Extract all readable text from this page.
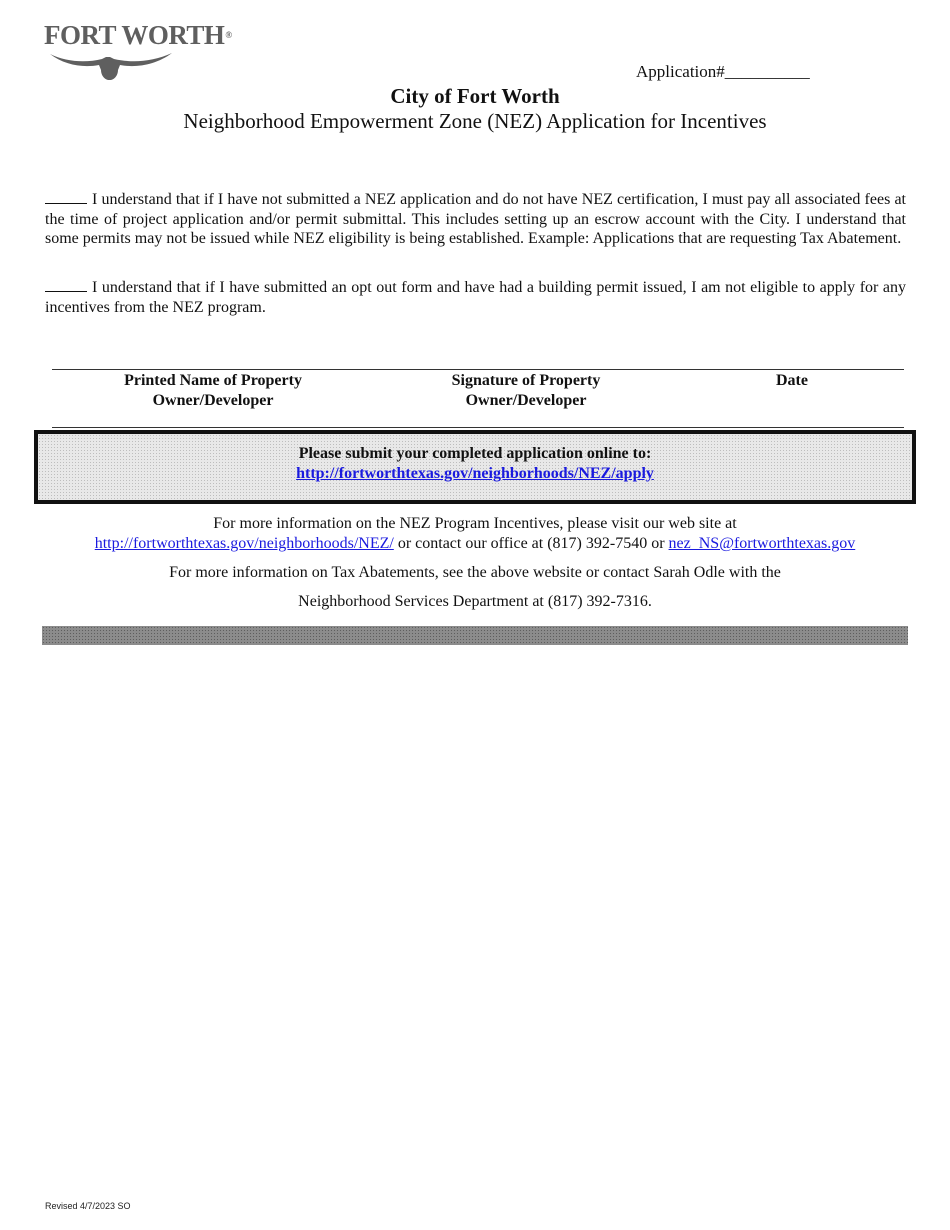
FORT WORTH®
Application#__________
City of Fort Worth
Neighborhood Empowerment Zone (NEZ) Application for Incentives

I understand that if I have not submitted a NEZ application and do not have NEZ certification, I must pay all associated fees at the time of project application and/or permit submittal. This includes setting up an escrow account with the City. I understand that some permits may not be issued while NEZ eligibility is being established. Example: Applications that are requesting Tax Abatement.

I understand that if I have submitted an opt out form and have had a building permit issued, I am not eligible to apply for any incentives from the NEZ program.

Printed Name of Property
Owner/Developer
Signature of Property
Owner/Developer
Date
Please submit your completed application online to:
http://fortworthtexas.gov/neighborhoods/NEZ/apply
For more information on the NEZ Program Incentives, please visit our web site at
http://fortworthtexas.gov/neighborhoods/NEZ/ or contact our office at (817) 392-7540 or nez_NS@fortworthtexas.gov
For more information on Tax Abatements, see the above website or contact Sarah Odle with the
Neighborhood Services Department at (817) 392-7316.
Revised 4/7/2023 SO
